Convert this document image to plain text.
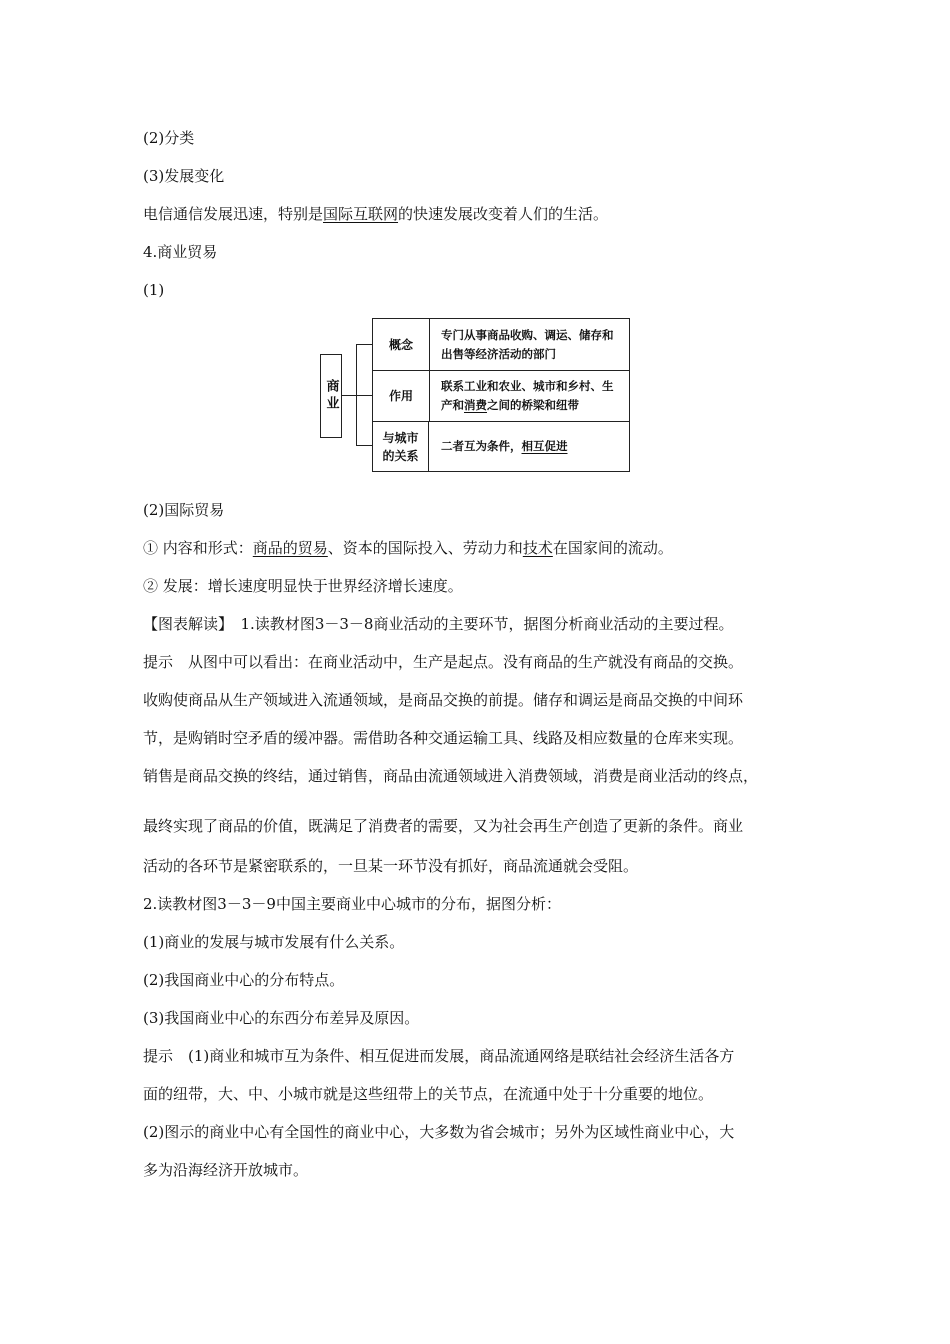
(2)分类
(3)发展变化
电信通信发展迅速，特别是国际互联网的快速发展改变着人们的生活。
4.商业贸易
(1)
商业
概念
专门从事商品收购、调运、储存和出售等经济活动的部门
作用
联系工业和农业、城市和乡村、生产和消费之间的桥梁和纽带
与城市的关系
二者互为条件，相互促进
(2)国际贸易
① 内容和形式：商品的贸易、资本的国际投入、劳动力和技术在国家间的流动。
② 发展：增长速度明显快于世界经济增长速度。
【图表解读】　1.读教材图3－3－8商业活动的主要环节，据图分析商业活动的主要过程。
提示　从图中可以看出：在商业活动中，生产是起点。没有商品的生产就没有商品的交换。
收购使商品从生产领域进入流通领域，是商品交换的前提。储存和调运是商品交换的中间环
节，是购销时空矛盾的缓冲器。需借助各种交通运输工具、线路及相应数量的仓库来实现。
销售是商品交换的终结，通过销售，商品由流通领域进入消费领域，消费是商业活动的终点，
最终实现了商品的价值，既满足了消费者的需要，又为社会再生产创造了更新的条件。商业
活动的各环节是紧密联系的，一旦某一环节没有抓好，商品流通就会受阻。
2.读教材图3－3－9中国主要商业中心城市的分布，据图分析：
(1)商业的发展与城市发展有什么关系。
(2)我国商业中心的分布特点。
(3)我国商业中心的东西分布差异及原因。
提示　(1)商业和城市互为条件、相互促进而发展，商品流通网络是联结社会经济生活各方
面的纽带，大、中、小城市就是这些纽带上的关节点，在流通中处于十分重要的地位。
(2)图示的商业中心有全国性的商业中心，大多数为省会城市；另外为区域性商业中心，大
多为沿海经济开放城市。
